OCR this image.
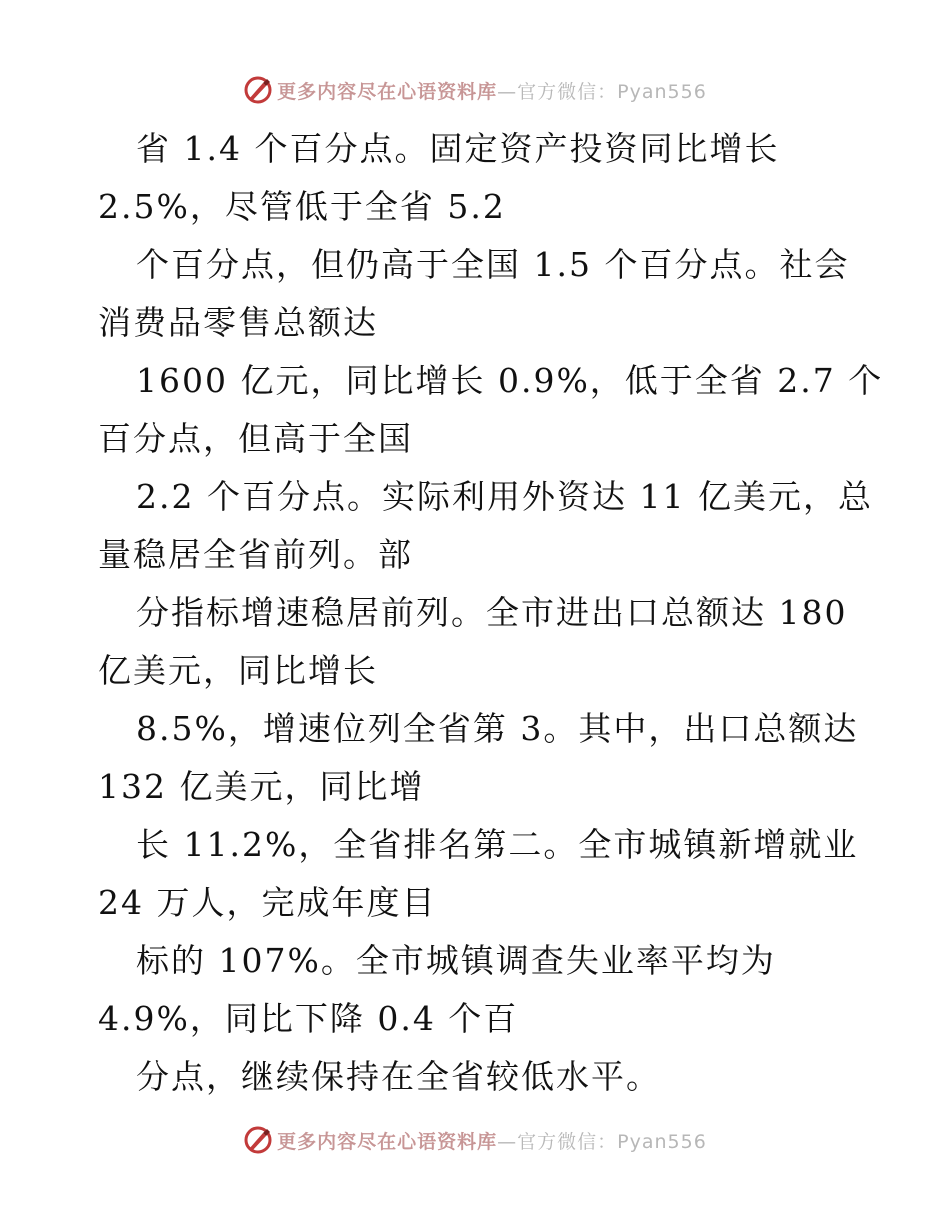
更多内容尽在心语资料库—官方微信：Pyan556
省 1.4 个百分点。固定资产投资同比增长
2.5%，尽管低于全省 5.2
个百分点，但仍高于全国 1.5 个百分点。社会
消费品零售总额达
1600 亿元，同比增长 0.9%，低于全省 2.7 个
百分点，但高于全国
2.2 个百分点。实际利用外资达 11 亿美元，总
量稳居全省前列。部
分指标增速稳居前列。全市进出口总额达 180
亿美元，同比增长
8.5%，增速位列全省第 3。其中，出口总额达
132 亿美元，同比增
长 11.2%，全省排名第二。全市城镇新增就业
24 万人，完成年度目
标的 107%。全市城镇调查失业率平均为
4.9%，同比下降 0.4 个百
分点，继续保持在全省较低水平。
更多内容尽在心语资料库—官方微信：Pyan556
